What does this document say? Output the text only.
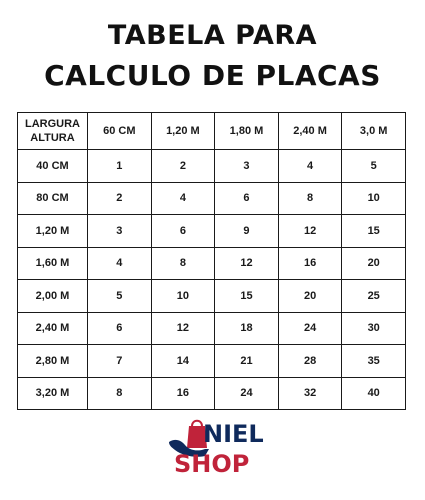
TABELA PARA
CALCULO DE PLACAS
LARGURA
ALTURA	60 CM	1,20 M	1,80 M	2,40 M	3,0 M
40 CM	1	2	3	4	5
80 CM	2	4	6	8	10
1,20 M	3	6	9	12	15
1,60 M	4	8	12	16	20
2,00 M	5	10	15	20	25
2,40 M	6	12	18	24	30
2,80 M	7	14	21	28	35
3,20 M	8	16	24	32	40
NIEL
SHOP
